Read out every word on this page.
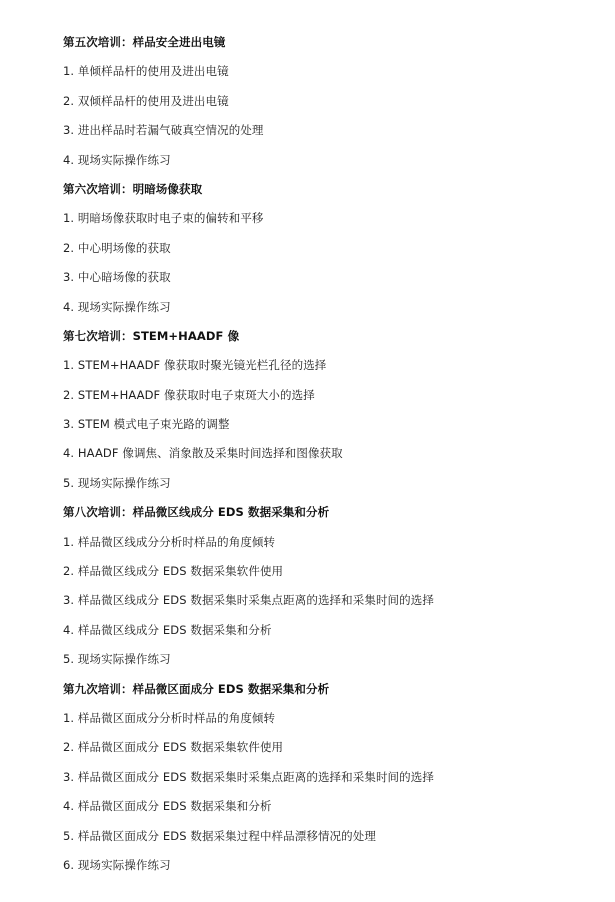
第五次培训：样品安全进出电镜
1. 单倾样品杆的使用及进出电镜
2. 双倾样品杆的使用及进出电镜
3. 进出样品时若漏气破真空情况的处理
4. 现场实际操作练习
第六次培训：明暗场像获取
1. 明暗场像获取时电子束的偏转和平移
2. 中心明场像的获取
3. 中心暗场像的获取
4. 现场实际操作练习
第七次培训：STEM+HAADF 像
1. STEM+HAADF 像获取时聚光镜光栏孔径的选择
2. STEM+HAADF 像获取时电子束斑大小的选择
3. STEM 模式电子束光路的调整
4. HAADF 像调焦、消象散及采集时间选择和图像获取
5. 现场实际操作练习
第八次培训：样品微区线成分 EDS 数据采集和分析
1. 样品微区线成分分析时样品的角度倾转
2. 样品微区线成分 EDS 数据采集软件使用
3. 样品微区线成分 EDS 数据采集时采集点距离的选择和采集时间的选择
4. 样品微区线成分 EDS 数据采集和分析
5. 现场实际操作练习
第九次培训：样品微区面成分 EDS 数据采集和分析
1. 样品微区面成分分析时样品的角度倾转
2. 样品微区面成分 EDS 数据采集软件使用
3. 样品微区面成分 EDS 数据采集时采集点距离的选择和采集时间的选择
4. 样品微区面成分 EDS 数据采集和分析
5. 样品微区面成分 EDS 数据采集过程中样品漂移情况的处理
6. 现场实际操作练习
